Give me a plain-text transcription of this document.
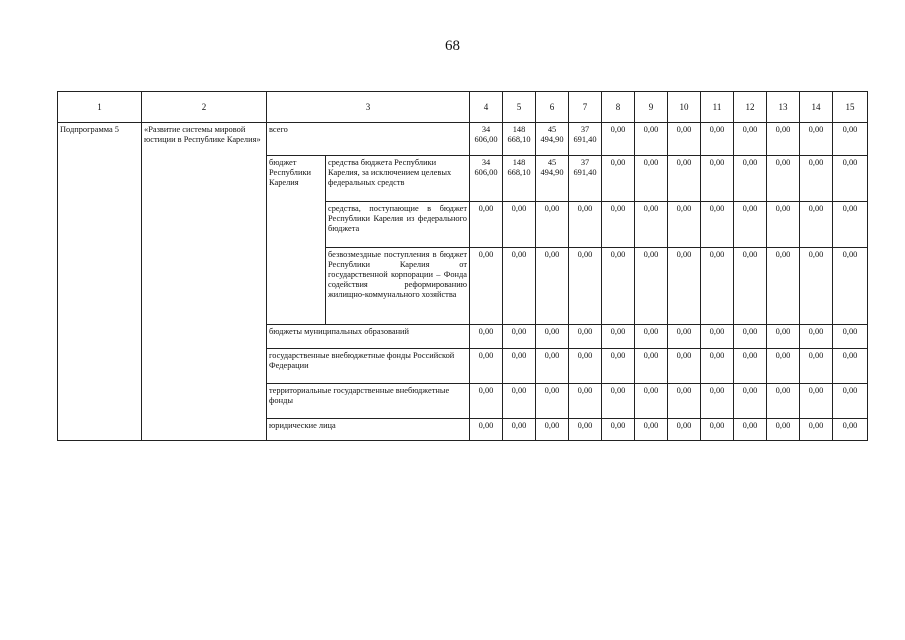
68
1	2	3		4	5	6	7	8	9	10	11	12	13	14	15
Подпрограмма 5	«Развитие системы мировой юстиции в Республике Карелия»	всего		34 606,00	148 668,10	45 494,90	37 691,40	0,00	0,00	0,00	0,00	0,00	0,00	0,00	0,00
		бюджет Республики Карелия	средства бюджета Республики Карелия, за исключением целевых федеральных средств	34 606,00	148 668,10	45 494,90	37 691,40	0,00	0,00	0,00	0,00	0,00	0,00	0,00	0,00
			средства, поступающие в бюджет Республики Карелия из федерального бюджета	0,00	0,00	0,00	0,00	0,00	0,00	0,00	0,00	0,00	0,00	0,00	0,00
			безвозмездные поступления в бюджет Республики Карелия от государственной корпорации – Фонда содействия реформированию жилищно-коммунального хозяйства	0,00	0,00	0,00	0,00	0,00	0,00	0,00	0,00	0,00	0,00	0,00	0,00
		бюджеты муниципальных образований		0,00	0,00	0,00	0,00	0,00	0,00	0,00	0,00	0,00	0,00	0,00	0,00
		государственные внебюджетные фонды Российской Федерации		0,00	0,00	0,00	0,00	0,00	0,00	0,00	0,00	0,00	0,00	0,00	0,00
		территориальные государственные внебюджетные фонды		0,00	0,00	0,00	0,00	0,00	0,00	0,00	0,00	0,00	0,00	0,00	0,00
		юридические лица		0,00	0,00	0,00	0,00	0,00	0,00	0,00	0,00	0,00	0,00	0,00	0,00
